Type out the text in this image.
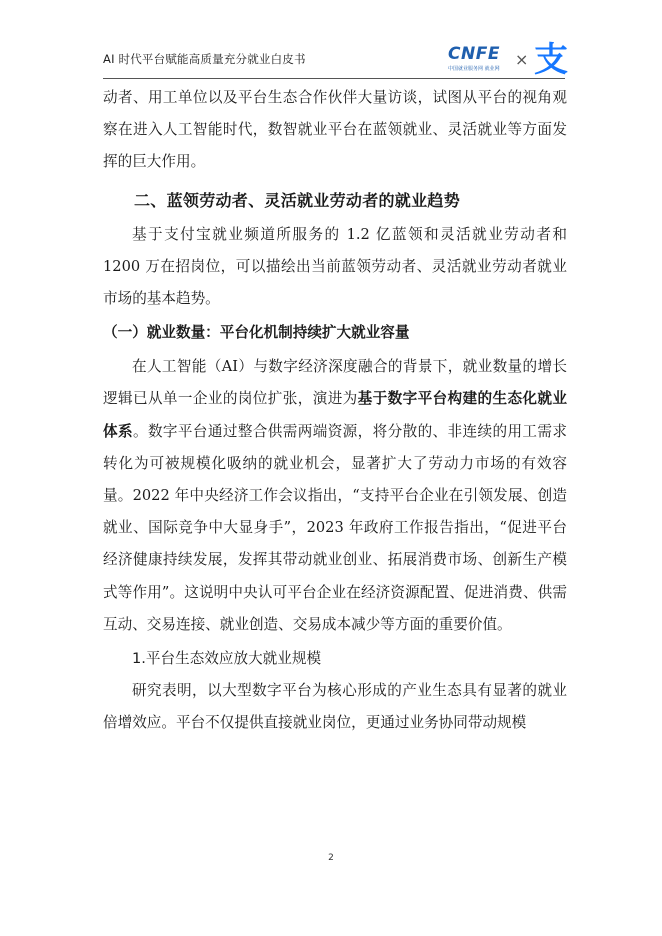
AI 时代平台赋能高质量充分就业白皮书	CNFE
中国就业服务网 就业网 × 支

动者、用工单位以及平台生态合作伙伴大量访谈，试图从平台的视角观察在进入人工智能时代，数智就业平台在蓝领就业、灵活就业等方面发挥的巨大作用。

二、蓝领劳动者、灵活就业劳动者的就业趋势

基于支付宝就业频道所服务的 1.2 亿蓝领和灵活就业劳动者和 1200 万在招岗位，可以描绘出当前蓝领劳动者、灵活就业劳动者就业市场的基本趋势。

（一）就业数量：平台化机制持续扩大就业容量

在人工智能（AI）与数字经济深度融合的背景下，就业数量的增长逻辑已从单一企业的岗位扩张，演进为基于数字平台构建的生态化就业体系。数字平台通过整合供需两端资源，将分散的、非连续的用工需求转化为可被规模化吸纳的就业机会，显著扩大了劳动力市场的有效容量。2022 年中央经济工作会议指出，“支持平台企业在引领发展、创造就业、国际竞争中大显身手”，2023 年政府工作报告指出，“促进平台经济健康持续发展，发挥其带动就业创业、拓展消费市场、创新生产模式等作用”。这说明中央认可平台企业在经济资源配置、促进消费、供需互动、交易连接、就业创造、交易成本减少等方面的重要价值。

1.平台生态效应放大就业规模

研究表明，以大型数字平台为核心形成的产业生态具有显著的就业倍增效应。平台不仅提供直接就业岗位，更通过业务协同带动规模

2
